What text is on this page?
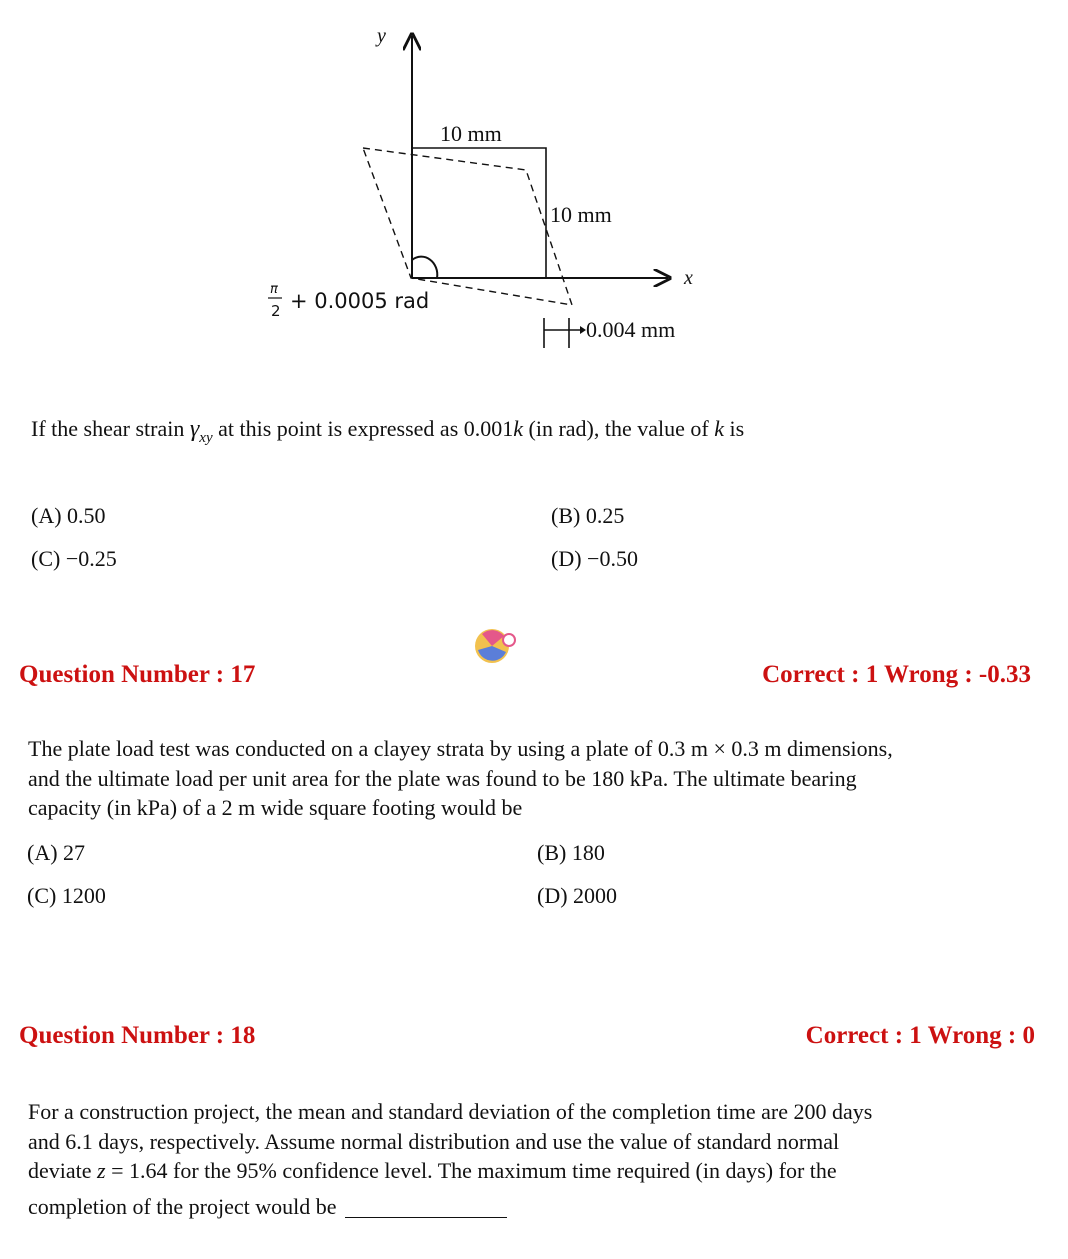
y
x
10 mm
10 mm
π
2 + 0.0005 rad
0.004 mm
If the shear strain $\gamma_{xy}$ at this point is expressed as 0.001k (in rad), the value of k is
(A) 0.50	(B) 0.25
(C) −0.25	(D) −0.50
Question Number : 17	Correct : 1 Wrong : -0.33
The plate load test was conducted on a clayey strata by using a plate of 0.3 m × 0.3 m dimensions,
and the ultimate load per unit area for the plate was found to be 180 kPa. The ultimate bearing
capacity (in kPa) of a 2 m wide square footing would be
(A) 27	(B) 180
(C) 1200	(D) 2000
Question Number : 18	Correct : 1 Wrong : 0
For a construction project, the mean and standard deviation of the completion time are 200 days
and 6.1 days, respectively. Assume normal distribution and use the value of standard normal
deviate z = 1.64 for the 95% confidence level. The maximum time required (in days) for the
completion of the project would be
